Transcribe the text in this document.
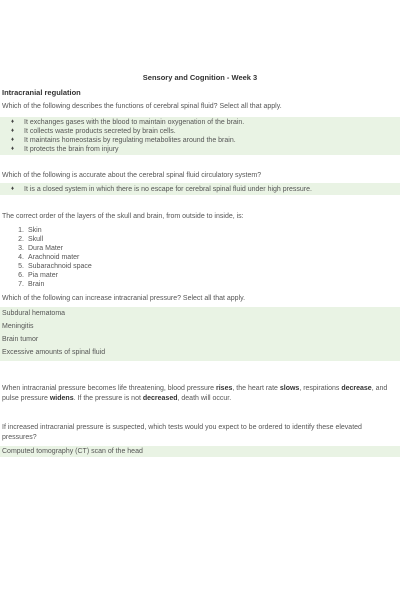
Sensory and Cognition - Week 3
Intracranial regulation
Which of the following describes the functions of cerebral spinal fluid? Select all that apply.
♦ It exchanges gases with the blood to maintain oxygenation of the brain.
♦ It collects waste products secreted by brain cells.
♦ It maintains homeostasis by regulating metabolites around the brain.
♦ It protects the brain from injury
Which of the following is accurate about the cerebral spinal fluid circulatory system?
♦ It is a closed system in which there is no escape for cerebral spinal fluid under high pressure.
The correct order of the layers of the skull and brain, from outside to inside, is:
1. Skin
2. Skull
3. Dura Mater
4. Arachnoid mater
5. Subarachnoid space
6. Pia mater
7. Brain
Which of the following can increase intracranial pressure? Select all that apply.
Subdural hematoma
Meningitis
Brain tumor
Excessive amounts of spinal fluid
When intracranial pressure becomes life threatening, blood pressure rises, the heart rate slows, respirations decrease, and pulse pressure widens. If the pressure is not decreased, death will occur.
If increased intracranial pressure is suspected, which tests would you expect to be ordered to identify these elevated pressures?
Computed tomography (CT) scan of the head
